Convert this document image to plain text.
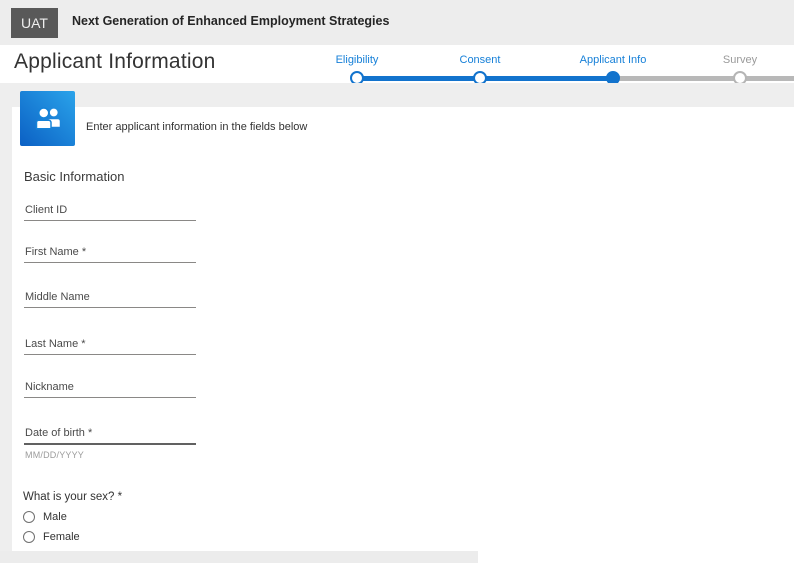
UAT	Next Generation of Enhanced Employment Strategies
Applicant Information	Eligibility	Consent	Applicant Info	Survey
Enter applicant information in the fields below
Basic Information
Client ID
First Name *
Middle Name
Last Name *
Nickname
Date of birth *
MM/DD/YYYY
What is your sex? *
Male
Female
